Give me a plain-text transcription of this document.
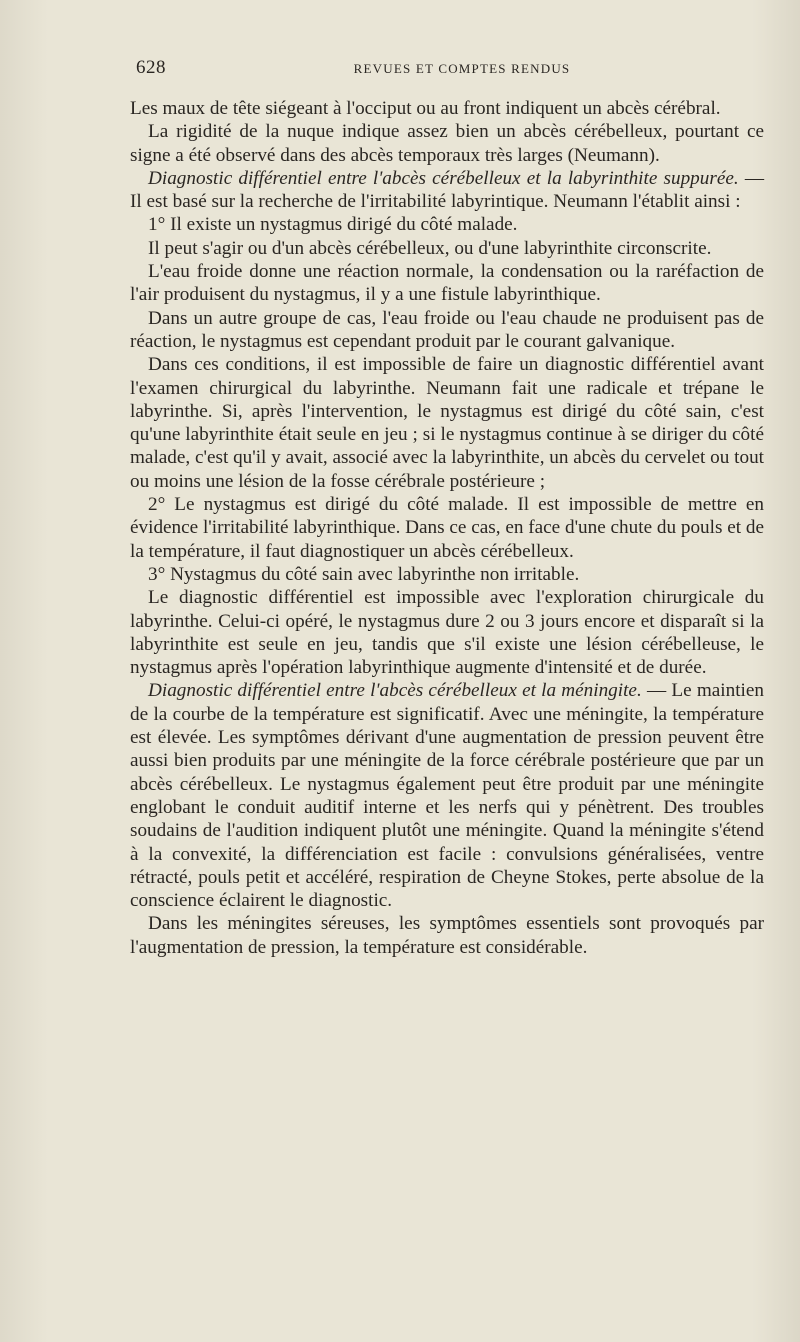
628	REVUES ET COMPTES RENDUS

Les maux de tête siégeant à l'occiput ou au front indiquent un abcès cérébral.

La rigidité de la nuque indique assez bien un abcès cérébelleux, pourtant ce signe a été observé dans des abcès temporaux très larges (Neumann).

Diagnostic différentiel entre l'abcès cérébelleux et la labyrinthite suppurée. — Il est basé sur la recherche de l'irritabilité labyrintique. Neumann l'établit ainsi :

1° Il existe un nystagmus dirigé du côté malade.

Il peut s'agir ou d'un abcès cérébelleux, ou d'une labyrinthite circonscrite.

L'eau froide donne une réaction normale, la condensation ou la raréfaction de l'air produisent du nystagmus, il y a une fistule labyrinthique.

Dans un autre groupe de cas, l'eau froide ou l'eau chaude ne produisent pas de réaction, le nystagmus est cependant produit par le courant galvanique.

Dans ces conditions, il est impossible de faire un diagnostic différentiel avant l'examen chirurgical du labyrinthe. Neumann fait une radicale et trépane le labyrinthe. Si, après l'intervention, le nystagmus est dirigé du côté sain, c'est qu'une labyrinthite était seule en jeu ; si le nystagmus continue à se diriger du côté malade, c'est qu'il y avait, associé avec la labyrinthite, un abcès du cervelet ou tout ou moins une lésion de la fosse cérébrale postérieure ;

2° Le nystagmus est dirigé du côté malade. Il est impossible de mettre en évidence l'irritabilité labyrinthique. Dans ce cas, en face d'une chute du pouls et de la température, il faut diagnostiquer un abcès cérébelleux.

3° Nystagmus du côté sain avec labyrinthe non irritable.

Le diagnostic différentiel est impossible avec l'exploration chirurgicale du labyrinthe. Celui-ci opéré, le nystagmus dure 2 ou 3 jours encore et disparaît si la labyrinthite est seule en jeu, tandis que s'il existe une lésion cérébelleuse, le nystagmus après l'opération labyrinthique augmente d'intensité et de durée.

Diagnostic différentiel entre l'abcès cérébelleux et la méningite. — Le maintien de la courbe de la température est significatif. Avec une méningite, la température est élevée. Les symptômes dérivant d'une augmentation de pression peuvent être aussi bien produits par une méningite de la force cérébrale postérieure que par un abcès cérébelleux. Le nystagmus également peut être produit par une méningite englobant le conduit auditif interne et les nerfs qui y pénètrent. Des troubles soudains de l'audition indiquent plutôt une méningite. Quand la méningite s'étend à la convexité, la différenciation est facile : convulsions généralisées, ventre rétracté, pouls petit et accéléré, respiration de Cheyne Stokes, perte absolue de la conscience éclairent le diagnostic.

Dans les méningites séreuses, les symptômes essentiels sont provoqués par l'augmentation de pression, la température est considérable.
